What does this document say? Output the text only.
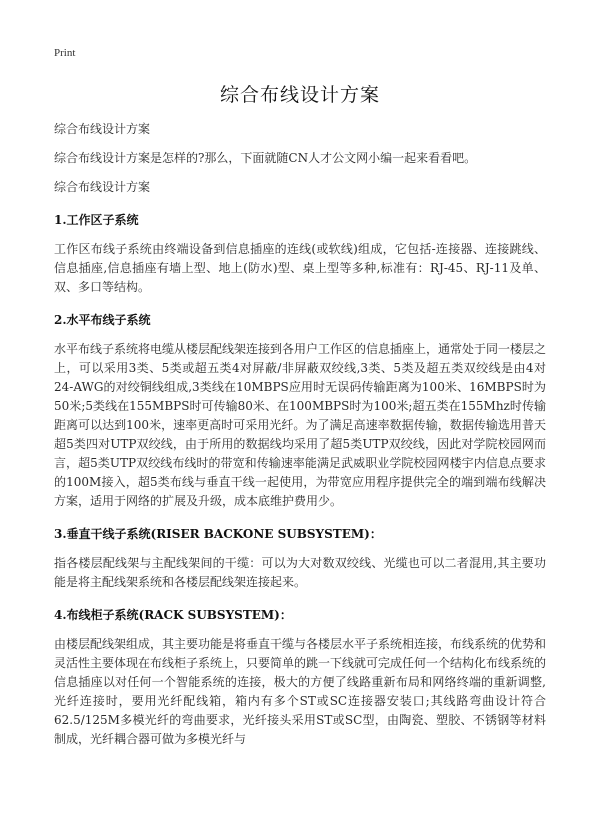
Print
综合布线设计方案

综合布线设计方案

综合布线设计方案是怎样的?那么，下面就随CN人才公文网小编一起来看看吧。

综合布线设计方案

1.工作区子系统

工作区布线子系统由终端设备到信息插座的连线(或软线)组成，它包括-连接器、连接跳线、信息插座,信息插座有墙上型、地上(防水)型、桌上型等多种,标准有：RJ-45、RJ-11及单、双、多口等结构。

2.水平布线子系统

水平布线子系统将电缆从楼层配线架连接到各用户工作区的信息插座上，通常处于同一楼层之上，可以采用3类、5类或超五类4对屏蔽/非屏蔽双绞线,3类、5类及超五类双绞线是由4对24-AWG的对绞铜线组成,3类线在10MBPS应用时无误码传输距离为100米、16MBPS时为50米;5类线在155MBPS时可传输80米、在100MBPS时为100米;超五类在155Mhz时传输距离可以达到100米，速率更高时可采用光纤。为了满足高速率数据传输，数据传输选用普天超5类四对UTP双绞线，由于所用的数据线均采用了超5类UTP双绞线，因此对学院校园网而言，超5类UTP双绞线布线时的带宽和传输速率能满足武威职业学院校园网楼宇内信息点要求的100M接入，超5类布线与垂直干线一起使用，为带宽应用程序提供完全的端到端布线解决方案，适用于网络的扩展及升级，成本底维护费用少。

3.垂直干线子系统(RISER BACKONE SUBSYSTEM)：

指各楼层配线架与主配线架间的干缆：可以为大对数双绞线、光缆也可以二者混用,其主要功能是将主配线架系统和各楼层配线架连接起来。

4.布线柜子系统(RACK SUBSYSTEM)：

由楼层配线架组成，其主要功能是将垂直干缆与各楼层水平子系统相连接，布线系统的优势和灵活性主要体现在布线柜子系统上，只要简单的跳一下线就可完成任何一个结构化布线系统的信息插座以对任何一个智能系统的连接，极大的方便了线路重新布局和网络终端的重新调整,光纤连接时，要用光纤配线箱，箱内有多个ST或SC连接器安装口;其线路弯曲设计符合62.5/125M多模光纤的弯曲要求，光纤接头采用ST或SC型，由陶瓷、塑胶、不锈钢等材料制成，光纤耦合器可做为多模光纤与
